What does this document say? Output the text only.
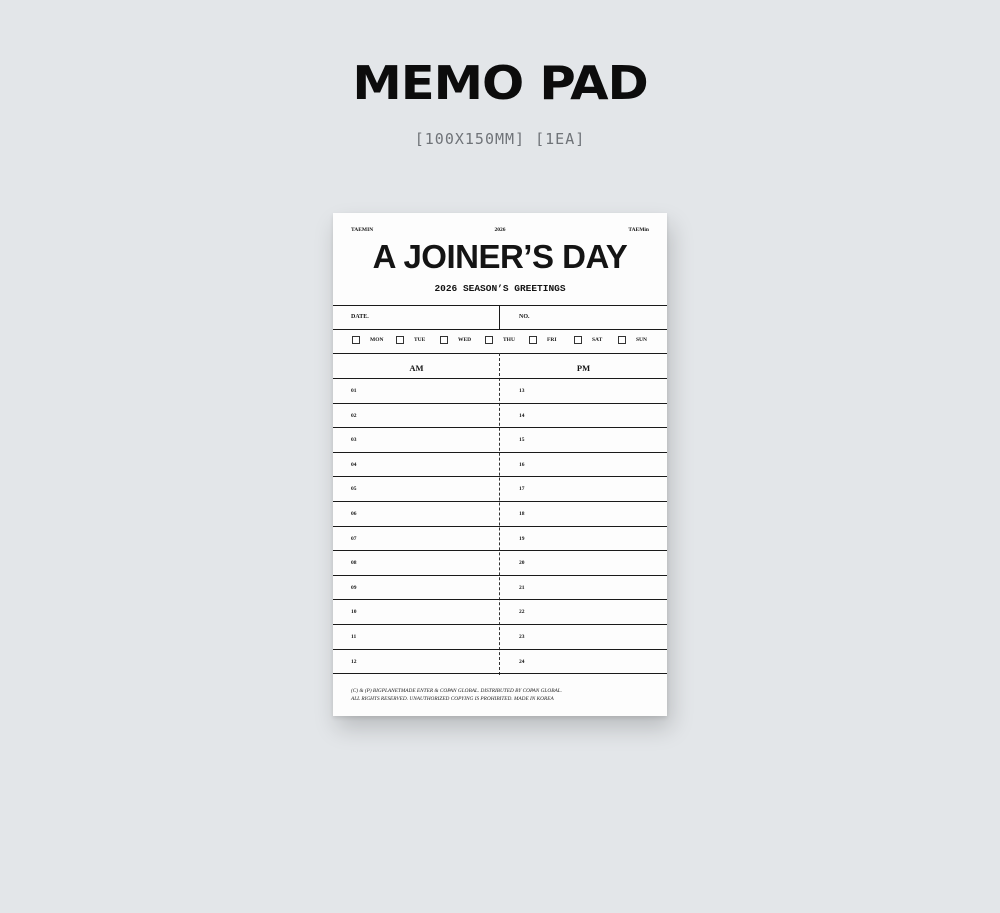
MEMO PAD
[100X150MM] [1EA]
TAEMIN	2026	TAEMin
A JOINER’S DAY
2026 SEASON’S GREETINGS
DATE.	NO.
MON	TUE	WED	THU	FRI	SAT	SUN
AM	PM
01	13
02	14
03	15
04	16
05	17
06	18
07	19
08	20
09	21
10	22
11	23
12	24
(C) & (P) BIGPLANETMADE ENTER & COPAN GLOBAL. DISTRIBUTED BY COPAN GLOBAL.
ALL RIGHTS RESERVED. UNAUTHORIZED COPYING IS PROHIBITED. MADE IN KOREA
